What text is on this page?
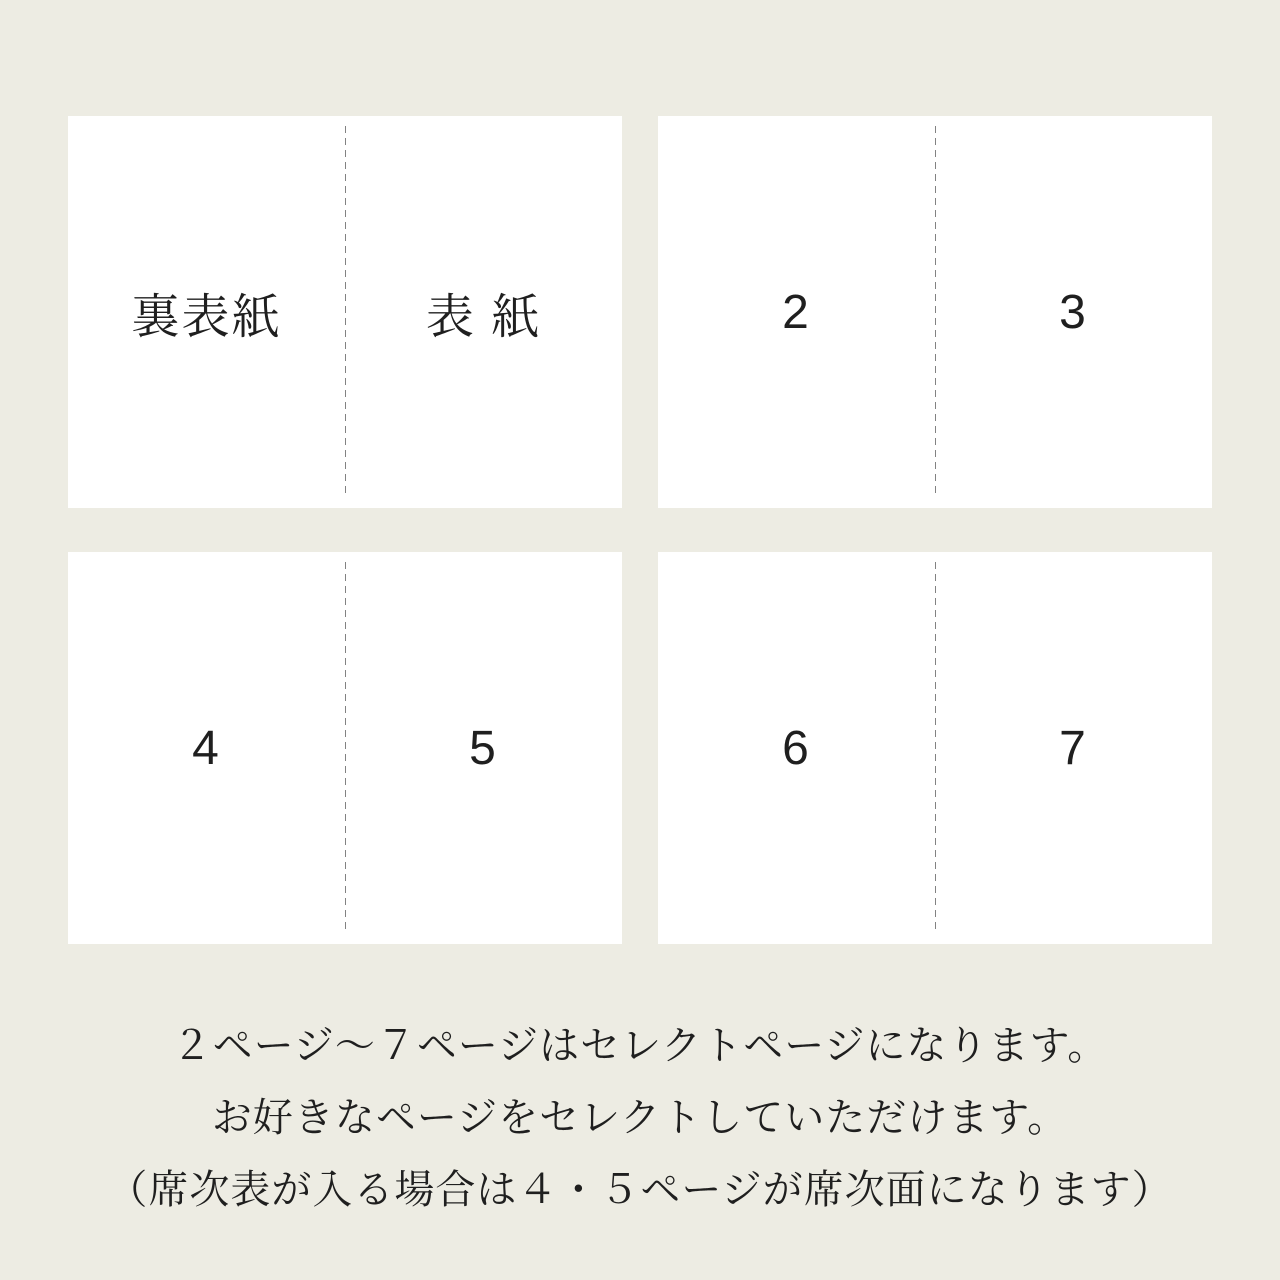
裏表紙	表 紙	2	3
4	5	6	7
２ページ〜７ページはセレクトページになります。
お好きなページをセレクトしていただけます。
（席次表が入る場合は４・５ページが席次面になります）
